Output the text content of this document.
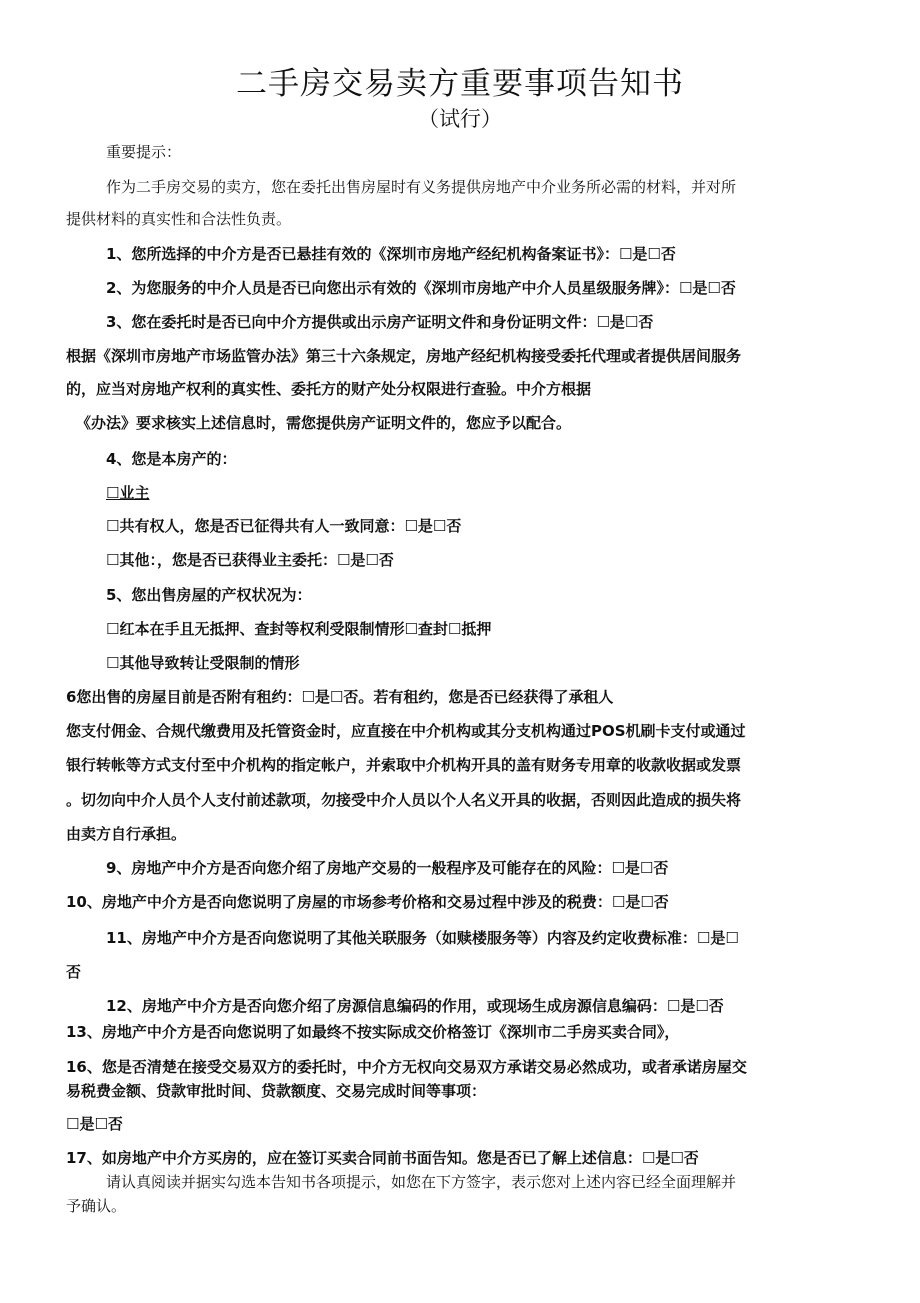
二手房交易卖方重要事项告知书
（试行）
重要提示：
作为二手房交易的卖方，您在委托出售房屋时有义务提供房地产中介业务所必需的材料，并对所
提供材料的真实性和合法性负责。
1、您所选择的中介方是否已悬挂有效的《深圳市房地产经纪机构备案证书》：☐是☐否
2、为您服务的中介人员是否已向您出示有效的《深圳市房地产中介人员星级服务牌》：☐是☐否
3、您在委托时是否已向中介方提供或出示房产证明文件和身份证明文件：☐是☐否
根据《深圳市房地产市场监管办法》第三十六条规定，房地产经纪机构接受委托代理或者提供居间服务
的，应当对房地产权利的真实性、委托方的财产处分权限进行查验。中介方根据
《办法》要求核实上述信息时，需您提供房产证明文件的，您应予以配合。
4、您是本房产的：
☐业主
☐共有权人，您是否已征得共有人一致同意：☐是☐否
☐其他：，您是否已获得业主委托：☐是☐否
5、您出售房屋的产权状况为：
☐红本在手且无抵押、查封等权利受限制情形☐查封☐抵押
☐其他导致转让受限制的情形
6您出售的房屋目前是否附有租约：☐是☐否。若有租约，您是否已经获得了承租人
您支付佣金、合规代缴费用及托管资金时，应直接在中介机构或其分支机构通过POS机刷卡支付或通过
银行转帐等方式支付至中介机构的指定帐户，并索取中介机构开具的盖有财务专用章的收款收据或发票
。切勿向中介人员个人支付前述款项，勿接受中介人员以个人名义开具的收据，否则因此造成的损失将
由卖方自行承担。
9、房地产中介方是否向您介绍了房地产交易的一般程序及可能存在的风险：☐是☐否
10、房地产中介方是否向您说明了房屋的市场参考价格和交易过程中涉及的税费：☐是☐否
11、房地产中介方是否向您说明了其他关联服务（如赎楼服务等）内容及约定收费标准：☐是☐
否
12、房地产中介方是否向您介绍了房源信息编码的作用，或现场生成房源信息编码：☐是☐否
13、房地产中介方是否向您说明了如最终不按实际成交价格签订《深圳市二手房买卖合同》，
16、您是否清楚在接受交易双方的委托时，中介方无权向交易双方承诺交易必然成功，或者承诺房屋交
易税费金额、贷款审批时间、贷款额度、交易完成时间等事项：
☐是☐否
17、如房地产中介方买房的，应在签订买卖合同前书面告知。您是否已了解上述信息：☐是☐否
请认真阅读并据实勾选本告知书各项提示，如您在下方签字，表示您对上述内容已经全面理解并
予确认。
